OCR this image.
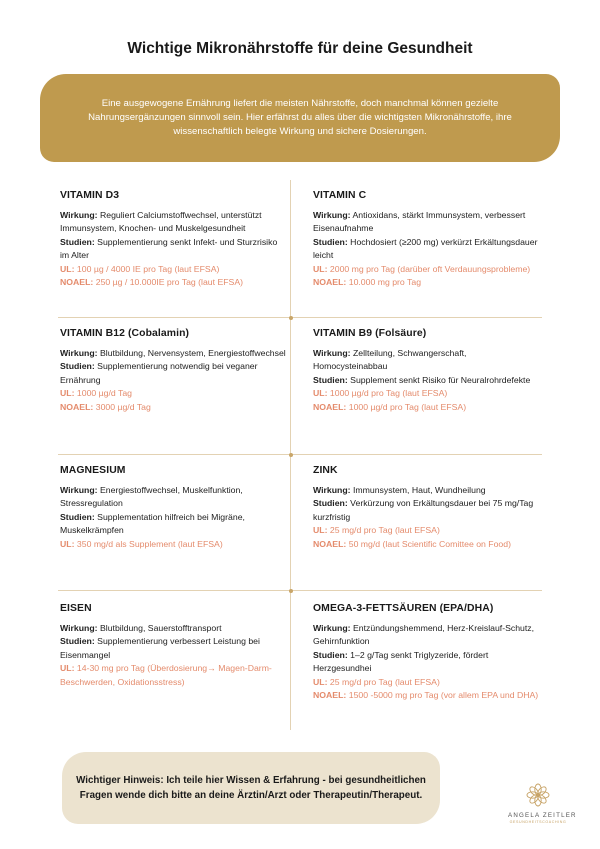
Wichtige Mikronährstoffe für deine Gesundheit

Eine ausgewogene Ernährung liefert die meisten Nährstoffe, doch manchmal können gezielte Nahrungsergänzungen sinnvoll sein. Hier erfährst du alles über die wichtigsten Mikronährstoffe, ihre wissenschaftlich belegte Wirkung und sichere Dosierungen.

VITAMIN D3
Wirkung: Reguliert Calciumstoffwechsel, unterstützt Immunsystem, Knochen- und Muskelgesundheit
Studien: Supplementierung senkt Infekt- und Sturzrisiko im Alter
UL: 100 µg / 4000 IE pro Tag (laut EFSA)
NOAEL: 250 µg / 10.000IE pro Tag (laut EFSA)
VITAMIN C
Wirkung: Antioxidans, stärkt Immunsystem, verbessert Eisenaufnahme
Studien: Hochdosiert (≥200 mg) verkürzt Erkältungsdauer leicht
UL: 2000 mg pro Tag (darüber oft Verdauungsprobleme)
NOAEL: 10.000 mg pro Tag
VITAMIN B12 (Cobalamin)
Wirkung: Blutbildung, Nervensystem, Energiestoffwechsel
Studien: Supplementierung notwendig bei veganer Ernährung
UL: 1000 µg/d Tag
NOAEL: 3000 µg/d Tag
VITAMIN B9 (Folsäure)
Wirkung: Zellteilung, Schwangerschaft, Homocysteinabbau
Studien: Supplement senkt Risiko für Neuralrohrdefekte
UL: 1000 µg/d pro Tag (laut EFSA)
NOAEL: 1000 µg/d pro Tag (laut EFSA)
MAGNESIUM
Wirkung: Energiestoffwechsel, Muskelfunktion, Stressregulation
Studien: Supplementation hilfreich bei Migräne, Muskelkrämpfen
UL: 350 mg/d als Supplement (laut EFSA)
ZINK
Wirkung: Immunsystem, Haut, Wundheilung
Studien: Verkürzung von Erkältungsdauer bei 75 mg/Tag kurzfristig
UL: 25 mg/d pro Tag (laut EFSA)
NOAEL: 50 mg/d (laut Scientific Comittee on Food)
EISEN
Wirkung: Blutbildung, Sauerstofftransport
Studien: Supplementierung verbessert Leistung bei Eisenmangel
UL: 14-30 mg pro Tag (Überdosierung→ Magen-Darm-Beschwerden, Oxidationsstress)
OMEGA-3-FETTSÄUREN (EPA/DHA)
Wirkung: Entzündungshemmend, Herz-Kreislauf-Schutz, Gehirnfunktion
Studien: 1–2 g/Tag senkt Triglyzeride, fördert Herzgesundhei
UL: 25 mg/d pro Tag (laut EFSA)
NOAEL: 1500 -5000 mg pro Tag (vor allem EPA und DHA)

Wichtiger Hinweis: Ich teile hier Wissen & Erfahrung - bei gesundheitlichen Fragen wende dich bitte an deine Ärztin/Arzt oder Therapeutin/Therapeut.

ANGELA ZEITLER
GESUNDHEITSCOACHING
